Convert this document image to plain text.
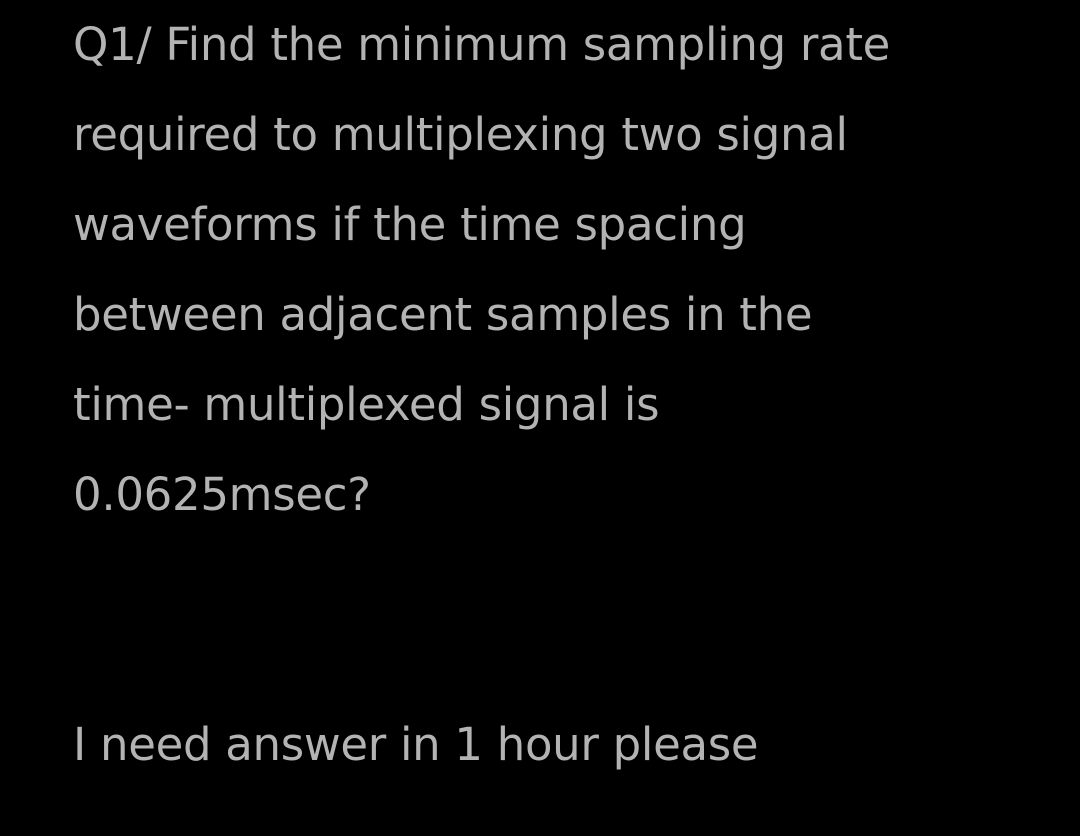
Q1/ Find the minimum sampling rate
required to multiplexing two signal
waveforms if the time spacing
between adjacent samples in the
time- multiplexed signal is
0.0625msec?
I need answer in 1 hour please
